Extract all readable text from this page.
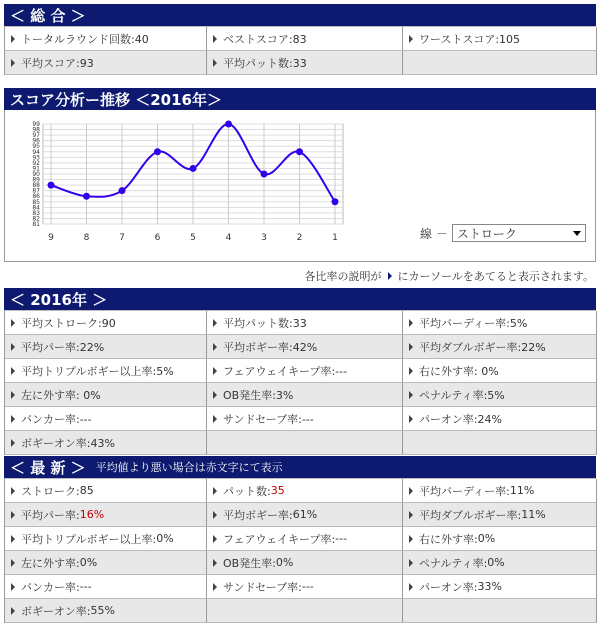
＜ 総 合 ＞
トータルラウンド回数:40	ベストスコア:83	ワーストスコア:105
平均スコア:93	平均パット数:33
スコア分析ー推移 ＜2016年＞
81
82
83
84
85
86
87
88
89
90
91
92
93
94
95
96
97
98
99
9	8	7	6	5	4	3	2	1	線 － ストローク
各比率の説明が にカーソールをあてると表示されます。
＜ 2016年 ＞
平均ストローク:90	平均パット数:33	平均バーディー率:5%
平均パー率:22%	平均ボギー率:42%	平均ダブルボギー率:22%
平均トリプルボギー以上率:5%	フェアウェイキープ率:---	右に外す率: 0%
左に外す率: 0%	OB発生率:3%	ペナルティ率:5%
バンカー率:---	サンドセーブ率:---	パーオン率:24%
ボギーオン率:43%
＜ 最 新 ＞ 平均値より悪い場合は赤文字にて表示
ストローク: 85	パット数: 35	平均バーディー率: 11%
平均パー率: 16%	平均ボギー率: 61%	平均ダブルボギー率: 11%
平均トリプルボギー以上率: 0%	フェアウェイキープ率: ---	右に外す率: 0%
左に外す率: 0%	OB発生率: 0%	ペナルティ率: 0%
バンカー率: ---	サンドセーブ率: ---	パーオン率: 33%
ボギーオン率: 55%
